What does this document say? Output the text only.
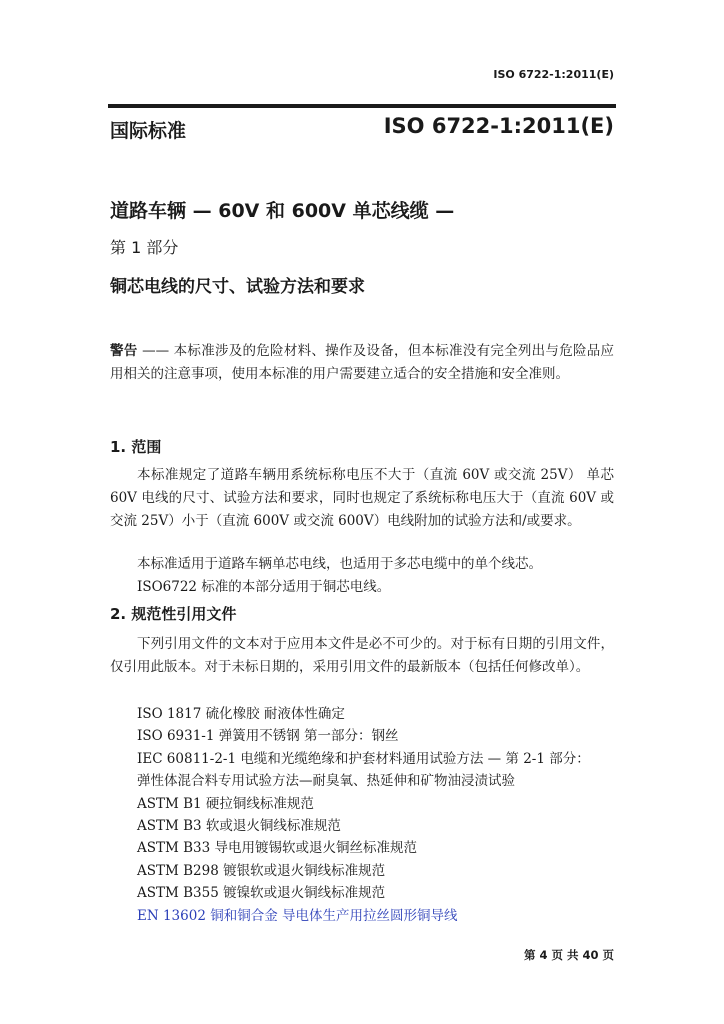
ISO 6722-1:2011(E)
国际标准	ISO 6722-1:2011(E)
道路车辆 — 60V 和 600V 单芯线缆 —
第 1 部分
铜芯电线的尺寸、试验方法和要求
警告 —— 本标准涉及的危险材料、操作及设备，但本标准没有完全列出与危险品应用相关的注意事项，使用本标准的用户需要建立适合的安全措施和安全准则。
1. 范围
本标准规定了道路车辆用系统标称电压不大于（直流 60V 或交流 25V） 单芯 60V 电线的尺寸、试验方法和要求，同时也规定了系统标称电压大于（直流 60V 或交流 25V）小于（直流 600V 或交流 600V）电线附加的试验方法和/或要求。
本标准适用于道路车辆单芯电线，也适用于多芯电缆中的单个线芯。
ISO6722 标准的本部分适用于铜芯电线。
2. 规范性引用文件
下列引用文件的文本对于应用本文件是必不可少的。对于标有日期的引用文件，仅引用此版本。对于未标日期的，采用引用文件的最新版本（包括任何修改单）。
ISO 1817 硫化橡胶 耐液体性确定
ISO 6931-1 弹簧用不锈钢 第一部分：钢丝
IEC 60811-2-1 电缆和光缆绝缘和护套材料通用试验方法 — 第 2-1 部分：
弹性体混合料专用试验方法—耐臭氧、热延伸和矿物油浸渍试验
ASTM B1 硬拉铜线标准规范
ASTM B3 软或退火铜线标准规范
ASTM B33 导电用镀锡软或退火铜丝标准规范
ASTM B298 镀银软或退火铜线标准规范
ASTM B355 镀镍软或退火铜线标准规范
EN 13602 铜和铜合金 导电体生产用拉丝圆形铜导线
第 4 页 共 40 页
